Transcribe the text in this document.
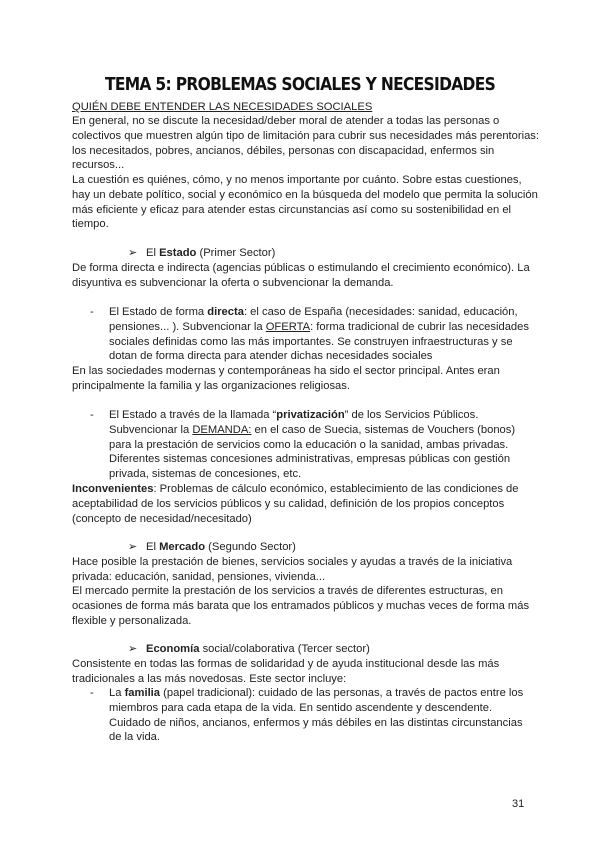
TEMA 5: PROBLEMAS SOCIALES Y NECESIDADES
QUIÉN DEBE ENTENDER LAS NECESIDADES SOCIALES

En general, no se discute la necesidad/deber moral de atender a todas las personas o colectivos que muestren algún tipo de limitación para cubrir sus necesidades más perentorias: los necesitados, pobres, ancianos, débiles, personas con discapacidad, enfermos sin recursos...

La cuestión es quiénes, cómo, y no menos importante por cuánto. Sobre estas cuestiones, hay un debate político, social y económico en la búsqueda del modelo que permita la solución más eficiente y eficaz para atender estas circunstancias así como su sostenibilidad en el tiempo.

➢ El Estado (Primer Sector)

De forma directa e indirecta (agencias públicas o estimulando el crecimiento económico). La disyuntiva es subvencionar la oferta o subvencionar la demanda.

- El Estado de forma directa: el caso de España (necesidades: sanidad, educación, pensiones... ). Subvencionar la OFERTA: forma tradicional de cubrir las necesidades sociales definidas como las más importantes. Se construyen infraestructuras y se dotan de forma directa para atender dichas necesidades sociales

En las sociedades modernas y contemporáneas ha sido el sector principal. Antes eran principalmente la familia y las organizaciones religiosas.

- El Estado a través de la llamada “privatización” de los Servicios Públicos. Subvencionar la DEMANDA: en el caso de Suecia, sistemas de Vouchers (bonos) para la prestación de servicios como la educación o la sanidad, ambas privadas. Diferentes sistemas concesiones administrativas, empresas públicas con gestión privada, sistemas de concesiones, etc.

Inconvenientes: Problemas de cálculo económico, establecimiento de las condiciones de aceptabilidad de los servicios públicos y su calidad, definición de los propios conceptos (concepto de necesidad/necesitado)

➢ El Mercado (Segundo Sector)

Hace posible la prestación de bienes, servicios sociales y ayudas a través de la iniciativa privada: educación, sanidad, pensiones, vivienda...

El mercado permite la prestación de los servicios a través de diferentes estructuras, en ocasiones de forma más barata que los entramados públicos y muchas veces de forma más flexible y personalizada.

➢ Economía social/colaborativa (Tercer sector)

Consistente en todas las formas de solidaridad y de ayuda institucional desde las más tradicionales a las más novedosas. Este sector incluye:

- La familia (papel tradicional): cuidado de las personas, a través de pactos entre los miembros para cada etapa de la vida. En sentido ascendente y descendente. Cuidado de niños, ancianos, enfermos y más débiles en las distintas circunstancias de la vida.

31
